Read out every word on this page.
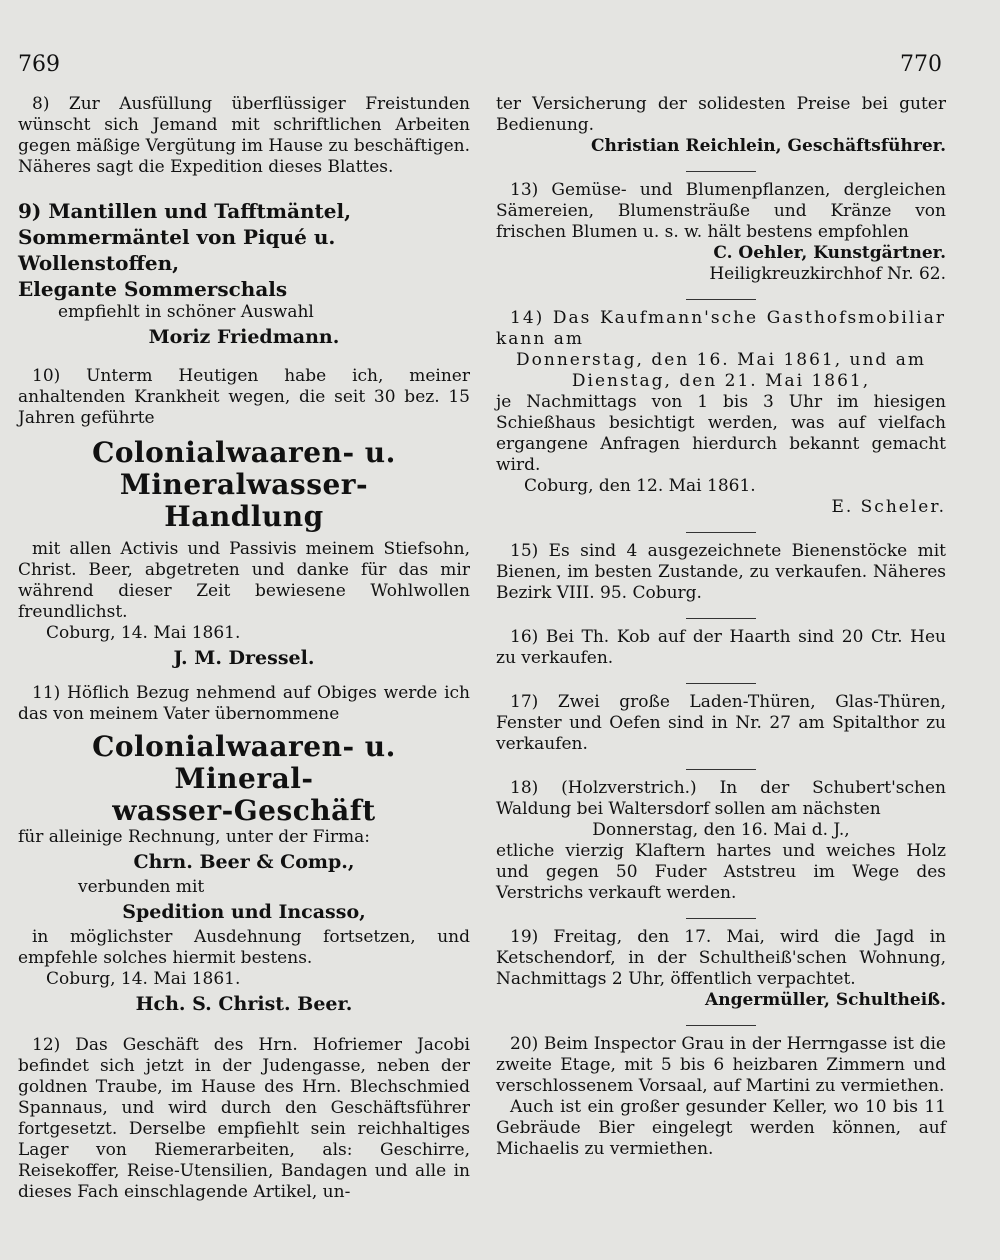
769	770

8) Zur Ausfüllung überflüssiger Freistunden wünscht sich Jemand mit schriftlichen Arbeiten gegen mäßige Vergütung im Hause zu beschäftigen. Näheres sagt die Expedition dieses Blattes.

9) Mantillen und Tafftmäntel,
Sommermäntel von Piqué u. Wollenstoffen,
Elegante Sommerschals
empfiehlt in schöner Auswahl
Moriz Friedmann.

10) Unterm Heutigen habe ich, meiner anhaltenden Krankheit wegen, die seit 30 bez. 15 Jahren geführte

Colonialwaaren- u. Mineralwasser-
Handlung

mit allen Activis und Passivis meinem Stiefsohn, Christ. Beer, abgetreten und danke für das mir während dieser Zeit bewiesene Wohlwollen freundlichst.

Coburg, 14. Mai 1861.
J. M. Dressel.

11) Höflich Bezug nehmend auf Obiges werde ich das von meinem Vater übernommene

Colonialwaaren- u. Mineral-
wasser-Geschäft
für alleinige Rechnung, unter der Firma:
Chrn. Beer & Comp.,
verbunden mit
Spedition und Incasso,

in möglichster Ausdehnung fortsetzen, und empfehle solches hiermit bestens.

Coburg, 14. Mai 1861.
Hch. S. Christ. Beer.

12) Das Geschäft des Hrn. Hofriemer Jacobi befindet sich jetzt in der Judengasse, neben der goldnen Traube, im Hause des Hrn. Blechschmied Spannaus, und wird durch den Geschäftsführer fortgesetzt. Derselbe empfiehlt sein reichhaltiges Lager von Riemerarbeiten, als: Geschirre, Reisekoffer, Reise-Utensilien, Bandagen und alle in dieses Fach einschlagende Artikel, un-

ter Versicherung der solidesten Preise bei guter Bedienung.

Christian Reichlein, Geschäftsführer.

13) Gemüse- und Blumenpflanzen, dergleichen Sämereien, Blumensträuße und Kränze von frischen Blumen u. s. w. hält bestens empfohlen

C. Oehler, Kunstgärtner.
Heiligkreuzkirchhof Nr. 62.

14) Das Kaufmann'sche Gasthofsmobiliar kann am

Donnerstag, den 16. Mai 1861, und am
Dienstag, den 21. Mai 1861,

je Nachmittags von 1 bis 3 Uhr im hiesigen Schießhaus besichtigt werden, was auf vielfach ergangene Anfragen hierdurch bekannt gemacht wird.

Coburg, den 12. Mai 1861.
E. Scheler.

15) Es sind 4 ausgezeichnete Bienenstöcke mit Bienen, im besten Zustande, zu verkaufen. Näheres Bezirk VIII. 95. Coburg.

16) Bei Th. Kob auf der Haarth sind 20 Ctr. Heu zu verkaufen.

17) Zwei große Laden-Thüren, Glas-Thüren, Fenster und Oefen sind in Nr. 27 am Spitalthor zu verkaufen.

18) (Holzverstrich.) In der Schubert'schen Waldung bei Waltersdorf sollen am nächsten

Donnerstag, den 16. Mai d. J.,

etliche vierzig Klaftern hartes und weiches Holz und gegen 50 Fuder Aststreu im Wege des Verstrichs verkauft werden.

19) Freitag, den 17. Mai, wird die Jagd in Ketschendorf, in der Schultheiß'schen Wohnung, Nachmittags 2 Uhr, öffentlich verpachtet.

Angermüller, Schultheiß.

20) Beim Inspector Grau in der Herrngasse ist die zweite Etage, mit 5 bis 6 heizbaren Zimmern und verschlossenem Vorsaal, auf Martini zu vermiethen.

Auch ist ein großer gesunder Keller, wo 10 bis 11 Gebräude Bier eingelegt werden können, auf Michaelis zu vermiethen.
